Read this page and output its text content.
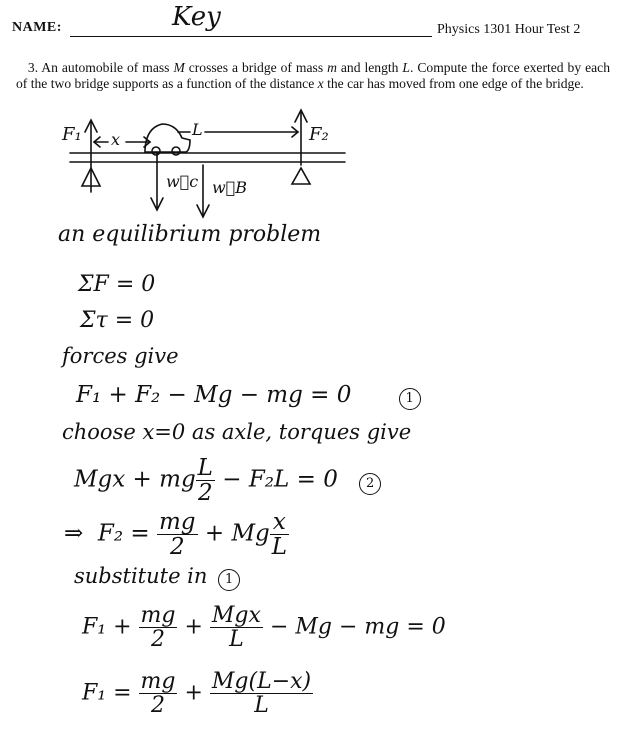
NAME:	Key	Physics 1301 Hour Test 2
3. An automobile of mass M crosses a bridge of mass m and length L. Compute the force exerted by each of the two bridge supports as a function of the distance x the car has moved from one edge of the bridge.
F₁	F₂
x
L
w⃗c w⃗B
an equilibrium problem
ΣF = 0
Στ = 0
forces give
F₁ + F₂ − Mg − mg = 0	1
choose x=0 as axle, torques give
Mgx + mg $\frac{L}{2} - F_2L = 0$ 2
⇒ $F_2 = \frac{mg}{2} + Mg \frac{x}{L}$
substitute in 1
$F_1 + \frac{mg}{2} + \frac{\text{Mgx}}{L} - Mg$ − mg = 0
$F_1 = \frac{mg}{2} + \frac{Mg(L-x)}{L}$
